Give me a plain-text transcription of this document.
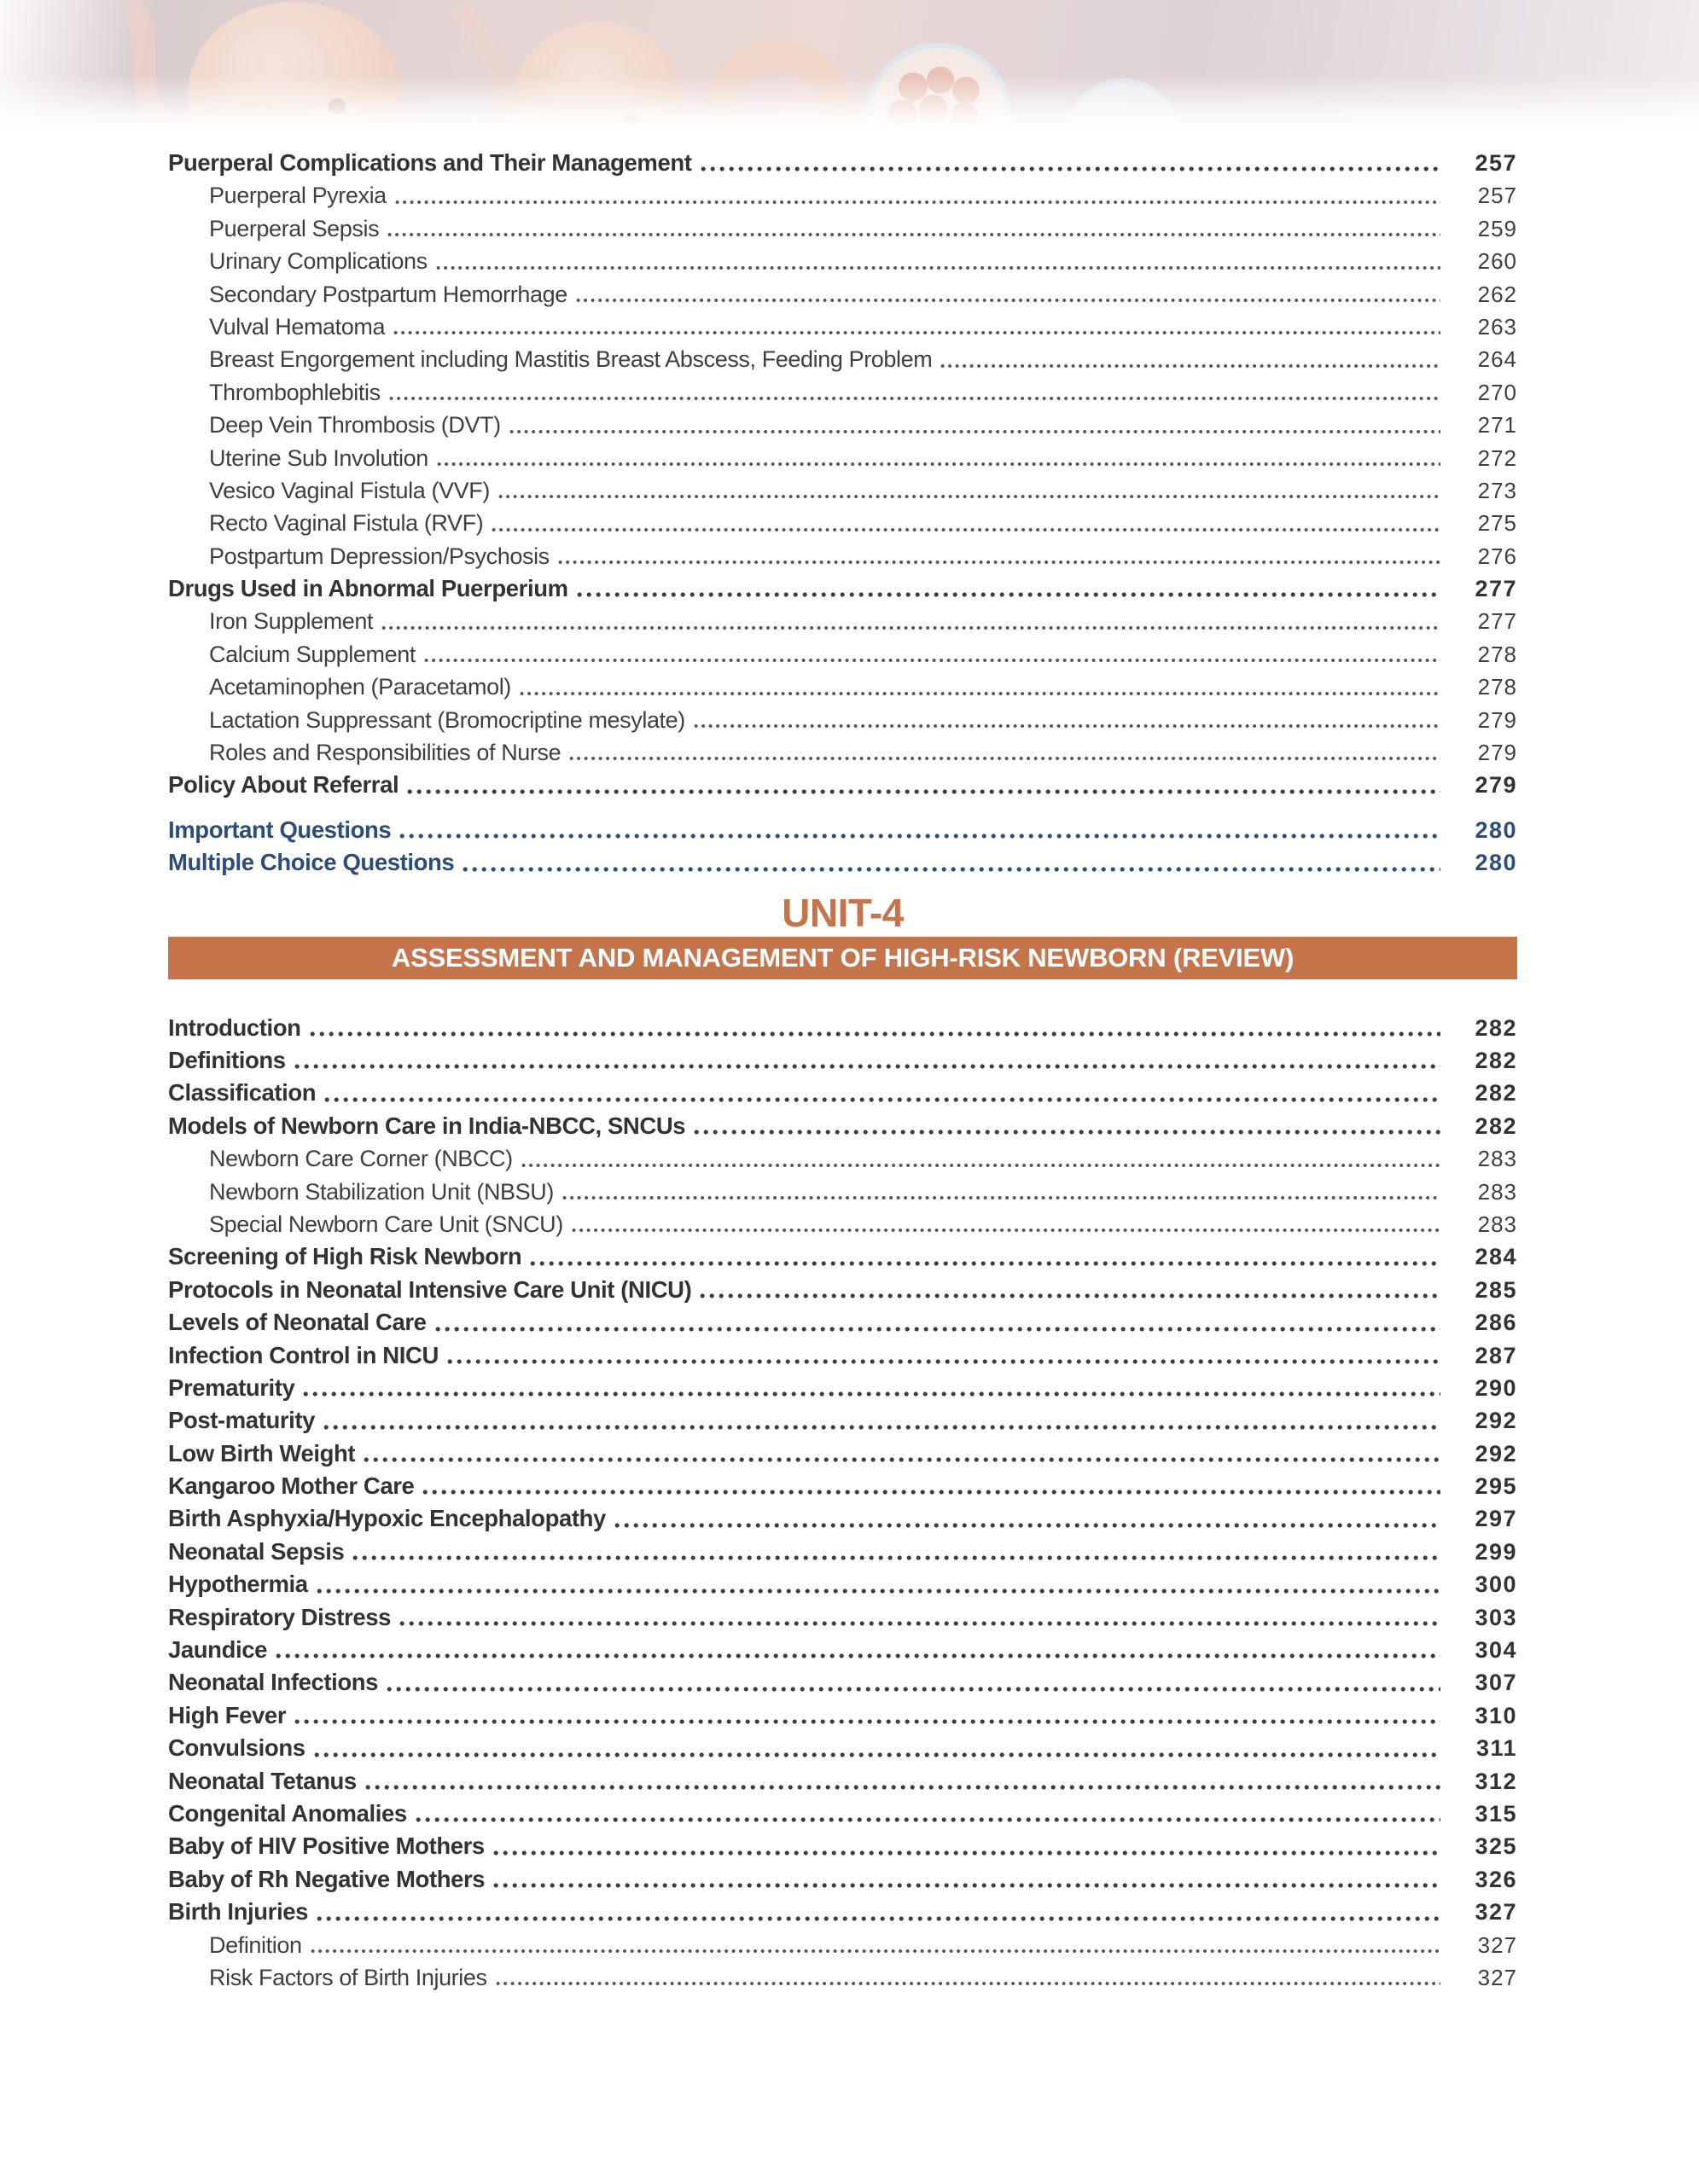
Puerperal Complications and Their Management	257
Puerperal Pyrexia	257
Puerperal Sepsis	259
Urinary Complications	260
Secondary Postpartum Hemorrhage	262
Vulval Hematoma	263
Breast Engorgement including Mastitis Breast Abscess, Feeding Problem	264
Thrombophlebitis	270
Deep Vein Thrombosis (DVT)	271
Uterine Sub Involution	272
Vesico Vaginal Fistula (VVF)	273
Recto Vaginal Fistula (RVF)	275
Postpartum Depression/Psychosis	276
Drugs Used in Abnormal Puerperium	277
Iron Supplement	277
Calcium Supplement	278
Acetaminophen (Paracetamol)	278
Lactation Suppressant (Bromocriptine mesylate)	279
Roles and Responsibilities of Nurse	279
Policy About Referral	279
Important Questions	280
Multiple Choice Questions	280
UNIT-4
ASSESSMENT AND MANAGEMENT OF HIGH-RISK NEWBORN (REVIEW)
Introduction	282
Definitions	282
Classification	282
Models of Newborn Care in India-NBCC, SNCUs	282
Newborn Care Corner (NBCC)	283
Newborn Stabilization Unit (NBSU)	283
Special Newborn Care Unit (SNCU)	283
Screening of High Risk Newborn	284
Protocols in Neonatal Intensive Care Unit (NICU)	285
Levels of Neonatal Care	286
Infection Control in NICU	287
Prematurity	290
Post-maturity	292
Low Birth Weight	292
Kangaroo Mother Care	295
Birth Asphyxia/Hypoxic Encephalopathy	297
Neonatal Sepsis	299
Hypothermia	300
Respiratory Distress	303
Jaundice	304
Neonatal Infections	307
High Fever	310
Convulsions	311
Neonatal Tetanus	312
Congenital Anomalies	315
Baby of HIV Positive Mothers	325
Baby of Rh Negative Mothers	326
Birth Injuries	327
Definition	327
Risk Factors of Birth Injuries	327
